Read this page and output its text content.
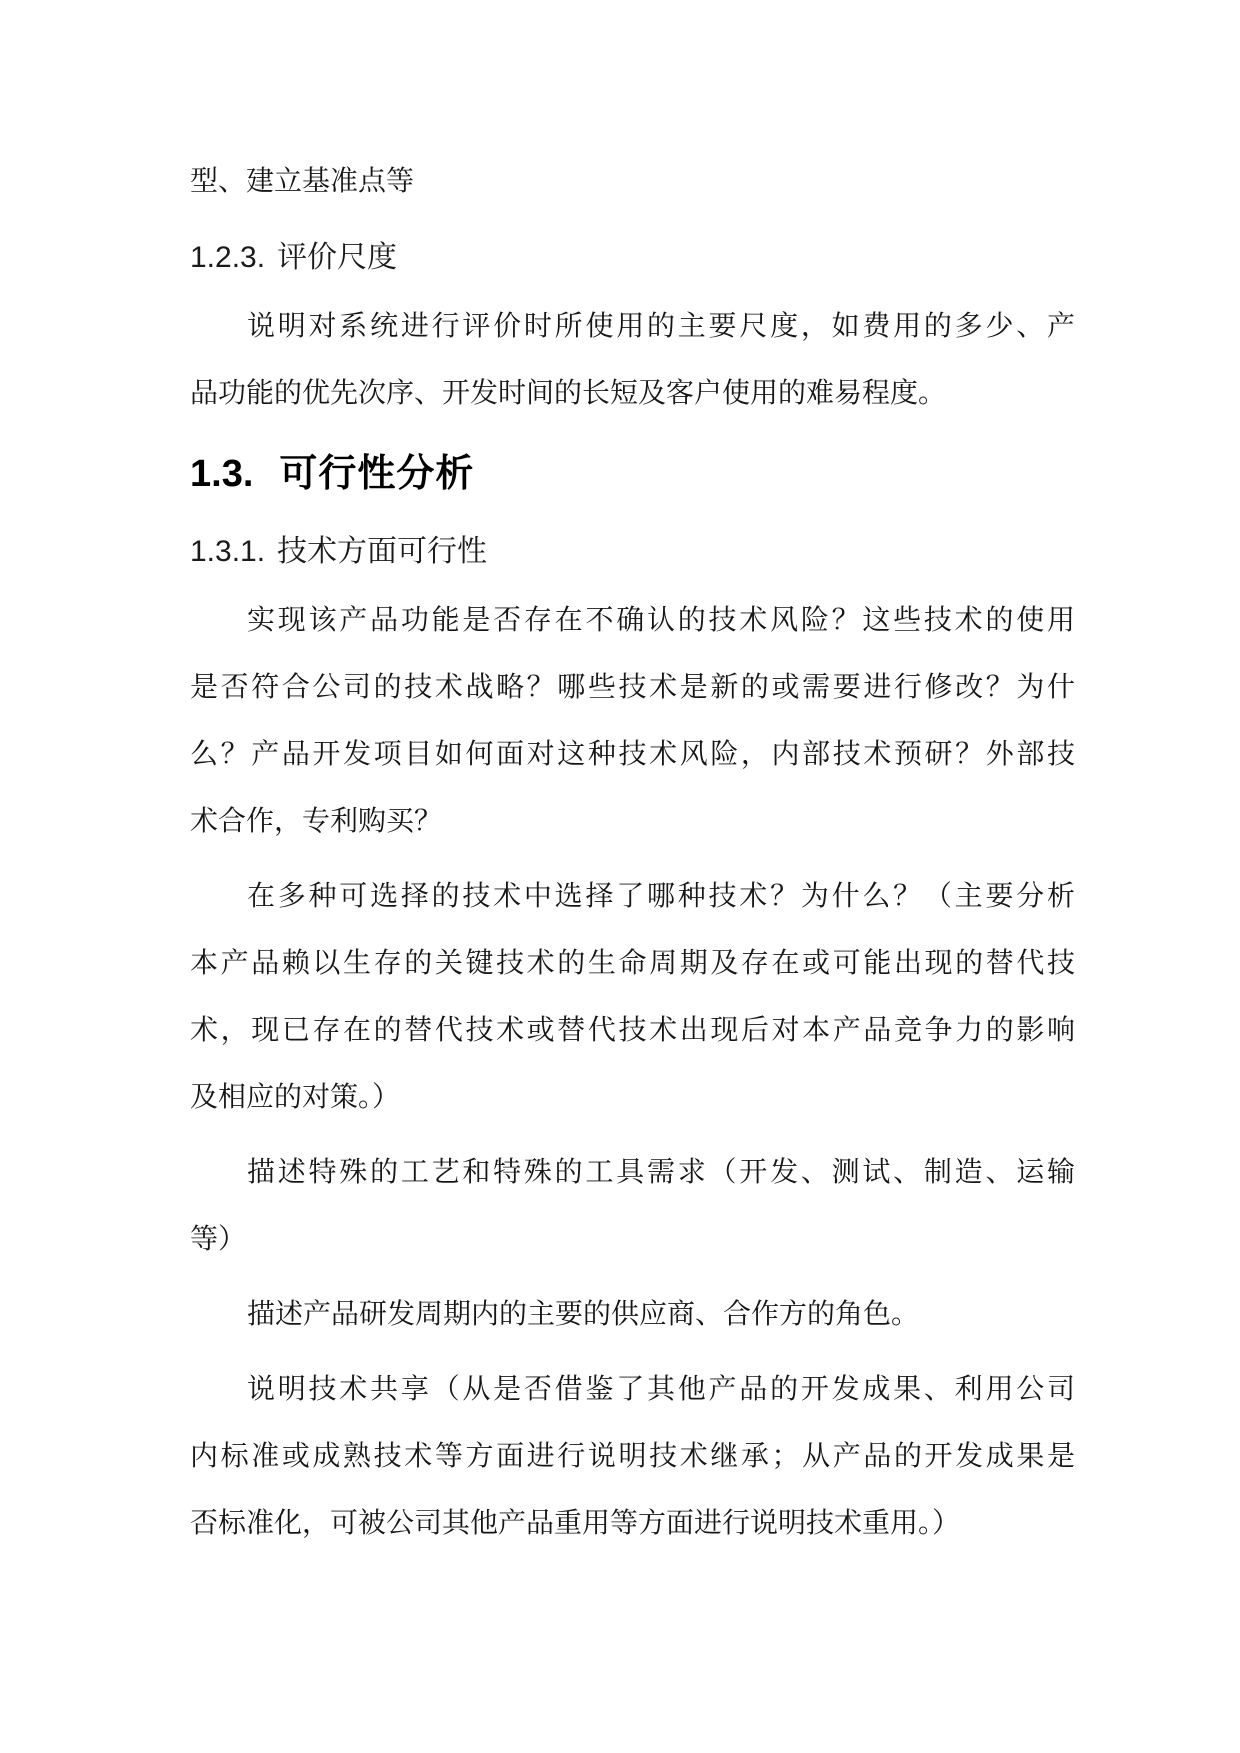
型、建立基准点等
1.2.3. 评价尺度
说明对系统进行评价时所使用的主要尺度，如费用的多少、产
品功能的优先次序、开发时间的长短及客户使用的难易程度。
1.3. 可行性分析
1.3.1. 技术方面可行性
实现该产品功能是否存在不确认的技术风险？这些技术的使用
是否符合公司的技术战略？哪些技术是新的或需要进行修改？为什
么？产品开发项目如何面对这种技术风险，内部技术预研？外部技
术合作，专利购买？
在多种可选择的技术中选择了哪种技术？为什么？（主要分析
本产品赖以生存的关键技术的生命周期及存在或可能出现的替代技
术，现已存在的替代技术或替代技术出现后对本产品竞争力的影响
及相应的对策。）
描述特殊的工艺和特殊的工具需求（开发、测试、制造、运输
等）
描述产品研发周期内的主要的供应商、合作方的角色。
说明技术共享（从是否借鉴了其他产品的开发成果、利用公司
内标准或成熟技术等方面进行说明技术继承；从产品的开发成果是
否标准化，可被公司其他产品重用等方面进行说明技术重用。）
